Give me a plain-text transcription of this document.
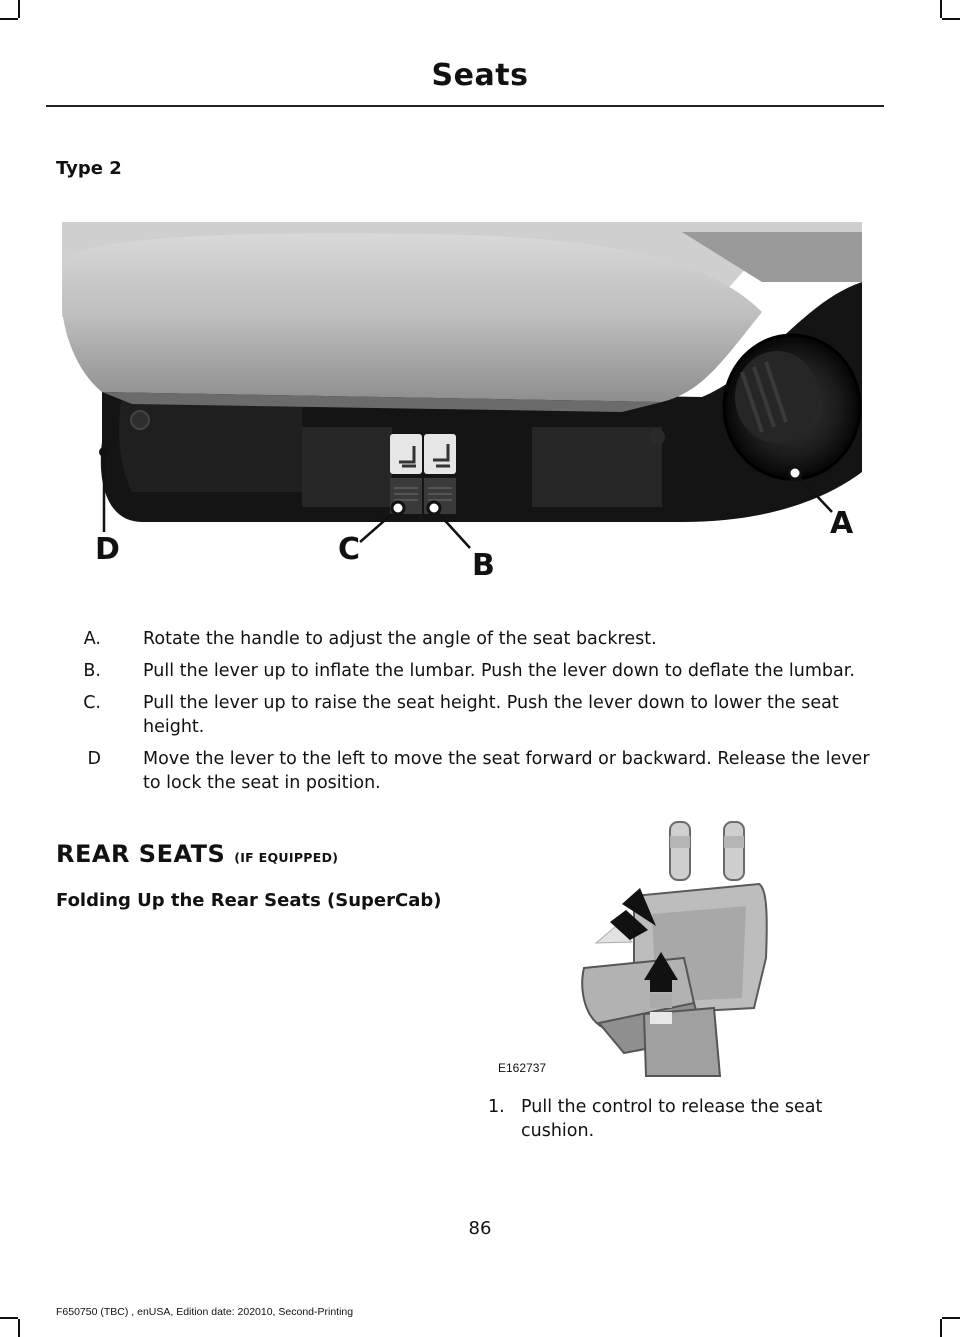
Seats
Type 2
A
B
C
D
A.	Rotate the handle to adjust the angle of the seat backrest.
B.	Pull the lever up to inflate the lumbar. Push the lever down to deflate the lumbar.
C.	Pull the lever up to raise the seat height. Push the lever down to lower the seat height.
D	Move the lever to the left to move the seat forward or backward. Release the lever to lock the seat in position.
REAR SEATS (IF EQUIPPED)
Folding Up the Rear Seats (SuperCab)
E162737
1. Pull the control to release the seat cushion.
86
F650750 (TBC) , enUSA, Edition date: 202010, Second-Printing
